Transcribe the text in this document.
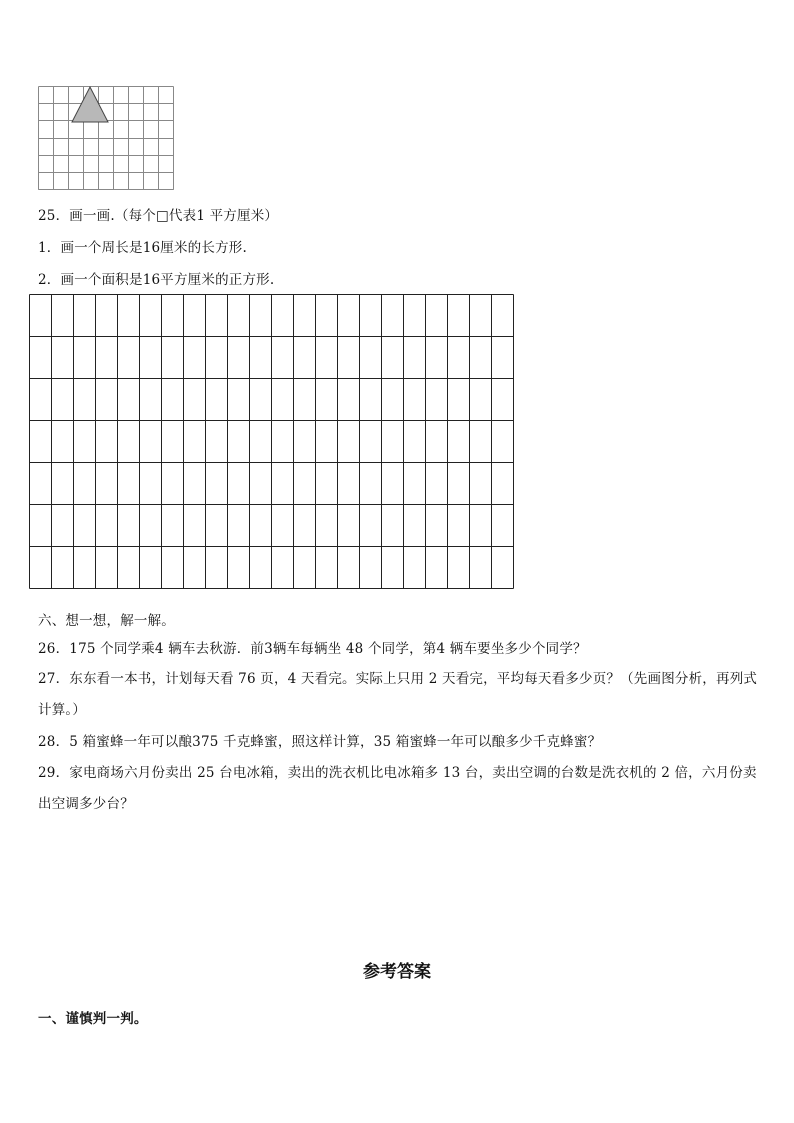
25．画一画.（每个□代表1 平方厘米）
1．画一个周长是16厘米的长方形.
2．画一个面积是16平方厘米的正方形.
六、想一想，解一解。
26．175 个同学乘4 辆车去秋游．前3辆车每辆坐 48 个同学，第4 辆车要坐多少个同学？
27．东东看一本书，计划每天看 76 页，4 天看完。实际上只用 2 天看完，平均每天看多少页？（先画图分析，再列式
计算。）
28．5 箱蜜蜂一年可以酿375 千克蜂蜜，照这样计算，35 箱蜜蜂一年可以酿多少千克蜂蜜？
29．家电商场六月份卖出 25 台电冰箱，卖出的洗衣机比电冰箱多 13 台，卖出空调的台数是洗衣机的 2 倍，六月份卖
出空调多少台？
参考答案
一、谨慎判一判。
